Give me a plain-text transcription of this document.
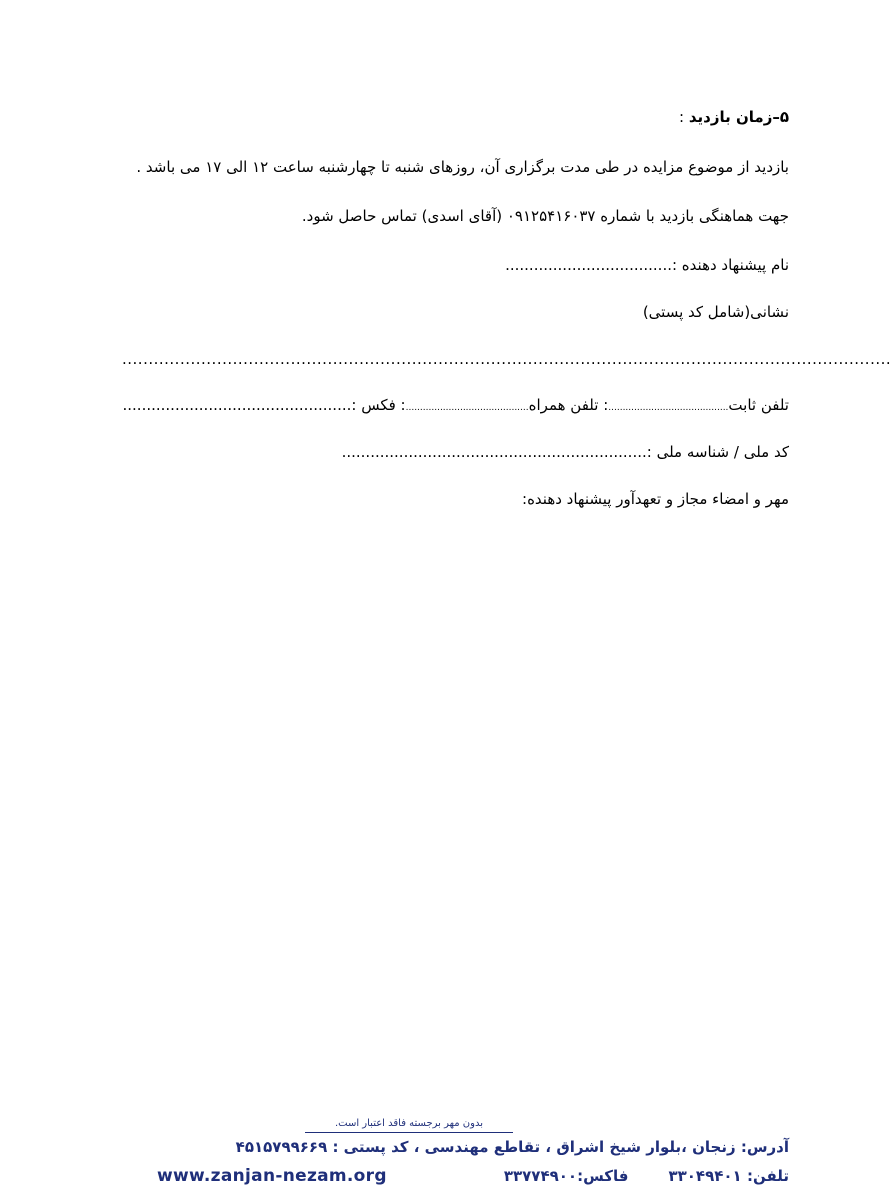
۵–زمان بازدید :
بازدید از موضوع مزایده در طی مدت برگزاری آن، روزهای شنبه تا چهارشنبه ساعت ۱۲ الی ۱۷ می باشد .
جهت هماهنگی بازدید با شماره ۰۹۱۲۵۴۱۶۰۳۷ (آقای اسدی) تماس حاصل شود.
نام پیشنهاد دهنده :...................................
نشانی(شامل کد پستی)
..................................................................................................................................................
تلفن ثابت..........................................: تلفن همراه...........................................: فکس :................................................
کد ملی / شناسه ملی :................................................................
مهر و امضاء مجاز و تعهدآور پیشنهاد دهنده:
بدون مهر برجسته فاقد اعتبار است.
آدرس: زنجان ،بلوار شیخ اشراق ، تقاطع مهندسی ، کد پستی : ۴۵۱۵۷۹۹۶۶۹
تلفن: ۳۳۰۴۹۴۰۱فاکس:۳۳۷۷۴۹۰۰
www.zanjan-nezam.org
